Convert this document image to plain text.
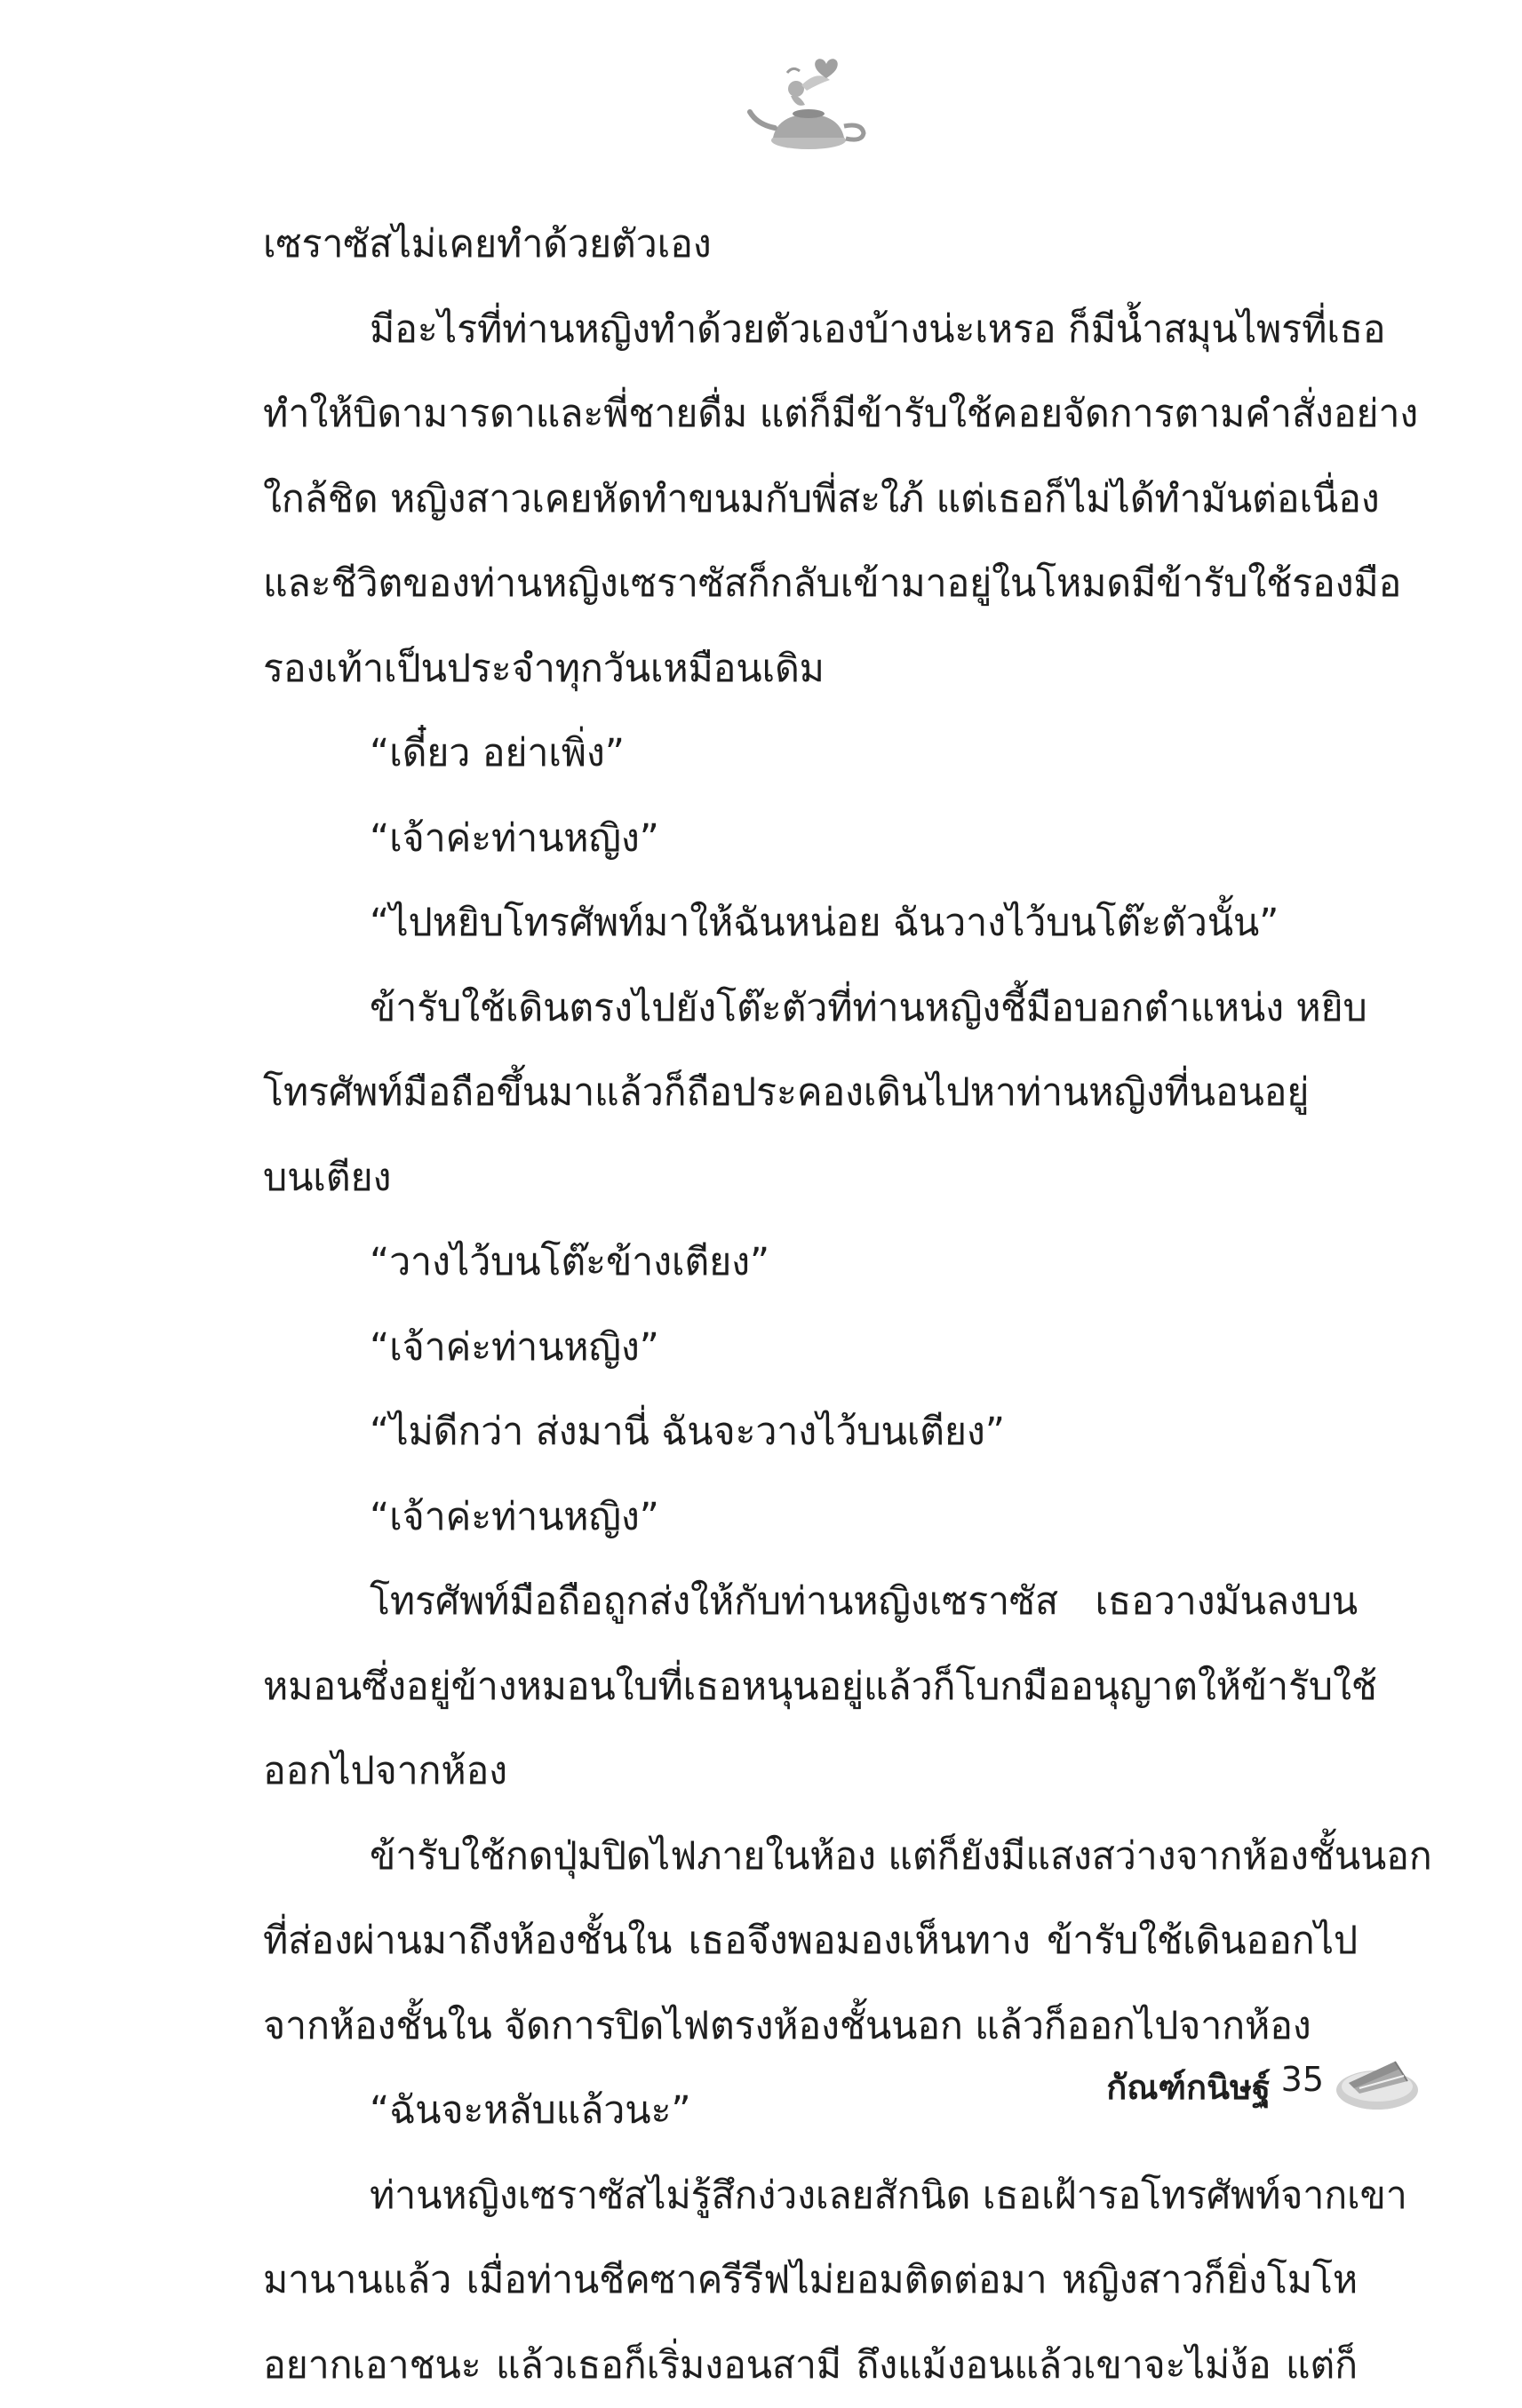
เซราซัสไม่เคยทำด้วยตัวเอง
มีอะไรที่ท่านหญิงทำด้วยตัวเองบ้างน่ะเหรอ ก็มีน้ำสมุนไพรที่เธอ
ทำให้บิดามารดาและพี่ชายดื่ม แต่ก็มีข้ารับใช้คอยจัดการตามคำสั่งอย่าง
ใกล้ชิด หญิงสาวเคยหัดทำขนมกับพี่สะใภ้ แต่เธอก็ไม่ได้ทำมันต่อเนื่อง
และชีวิตของท่านหญิงเซราซัสก็กลับเข้ามาอยู่ในโหมดมีข้ารับใช้รองมือ
รองเท้าเป็นประจำทุกวันเหมือนเดิม
“เดี๋ยว อย่าเพิ่ง”
“เจ้าค่ะท่านหญิง”
“ไปหยิบโทรศัพท์มาให้ฉันหน่อย ฉันวางไว้บนโต๊ะตัวนั้น”
ข้ารับใช้เดินตรงไปยังโต๊ะตัวที่ท่านหญิงชี้มือบอกตำแหน่ง หยิบ
โทรศัพท์มือถือขึ้นมาแล้วก็ถือประคองเดินไปหาท่านหญิงที่นอนอยู่
บนเตียง
“วางไว้บนโต๊ะข้างเตียง”
“เจ้าค่ะท่านหญิง”
“ไม่ดีกว่า ส่งมานี่ ฉันจะวางไว้บนเตียง”
“เจ้าค่ะท่านหญิง”
โทรศัพท์มือถือถูกส่งให้กับท่านหญิงเซราซัส เธอวางมันลงบน
หมอนซึ่งอยู่ข้างหมอนใบที่เธอหนุนอยู่แล้วก็โบกมืออนุญาตให้ข้ารับใช้
ออกไปจากห้อง
ข้ารับใช้กดปุ่มปิดไฟภายในห้อง แต่ก็ยังมีแสงสว่างจากห้องชั้นนอก
ที่ส่องผ่านมาถึงห้องชั้นใน เธอจึงพอมองเห็นทาง ข้ารับใช้เดินออกไป
จากห้องชั้นใน จัดการปิดไฟตรงห้องชั้นนอก แล้วก็ออกไปจากห้อง
“ฉันจะหลับแล้วนะ”
ท่านหญิงเซราซัสไม่รู้สึกง่วงเลยสักนิด เธอเฝ้ารอโทรศัพท์จากเขา
มานานแล้ว เมื่อท่านชีคซาครีรีฟไม่ยอมติดต่อมา หญิงสาวก็ยิ่งโมโห
อยากเอาชนะ แล้วเธอก็เริ่มงอนสามี ถึงแม้งอนแล้วเขาจะไม่ง้อ แต่ก็
กัณฑ์กนิษฐ์ 35
